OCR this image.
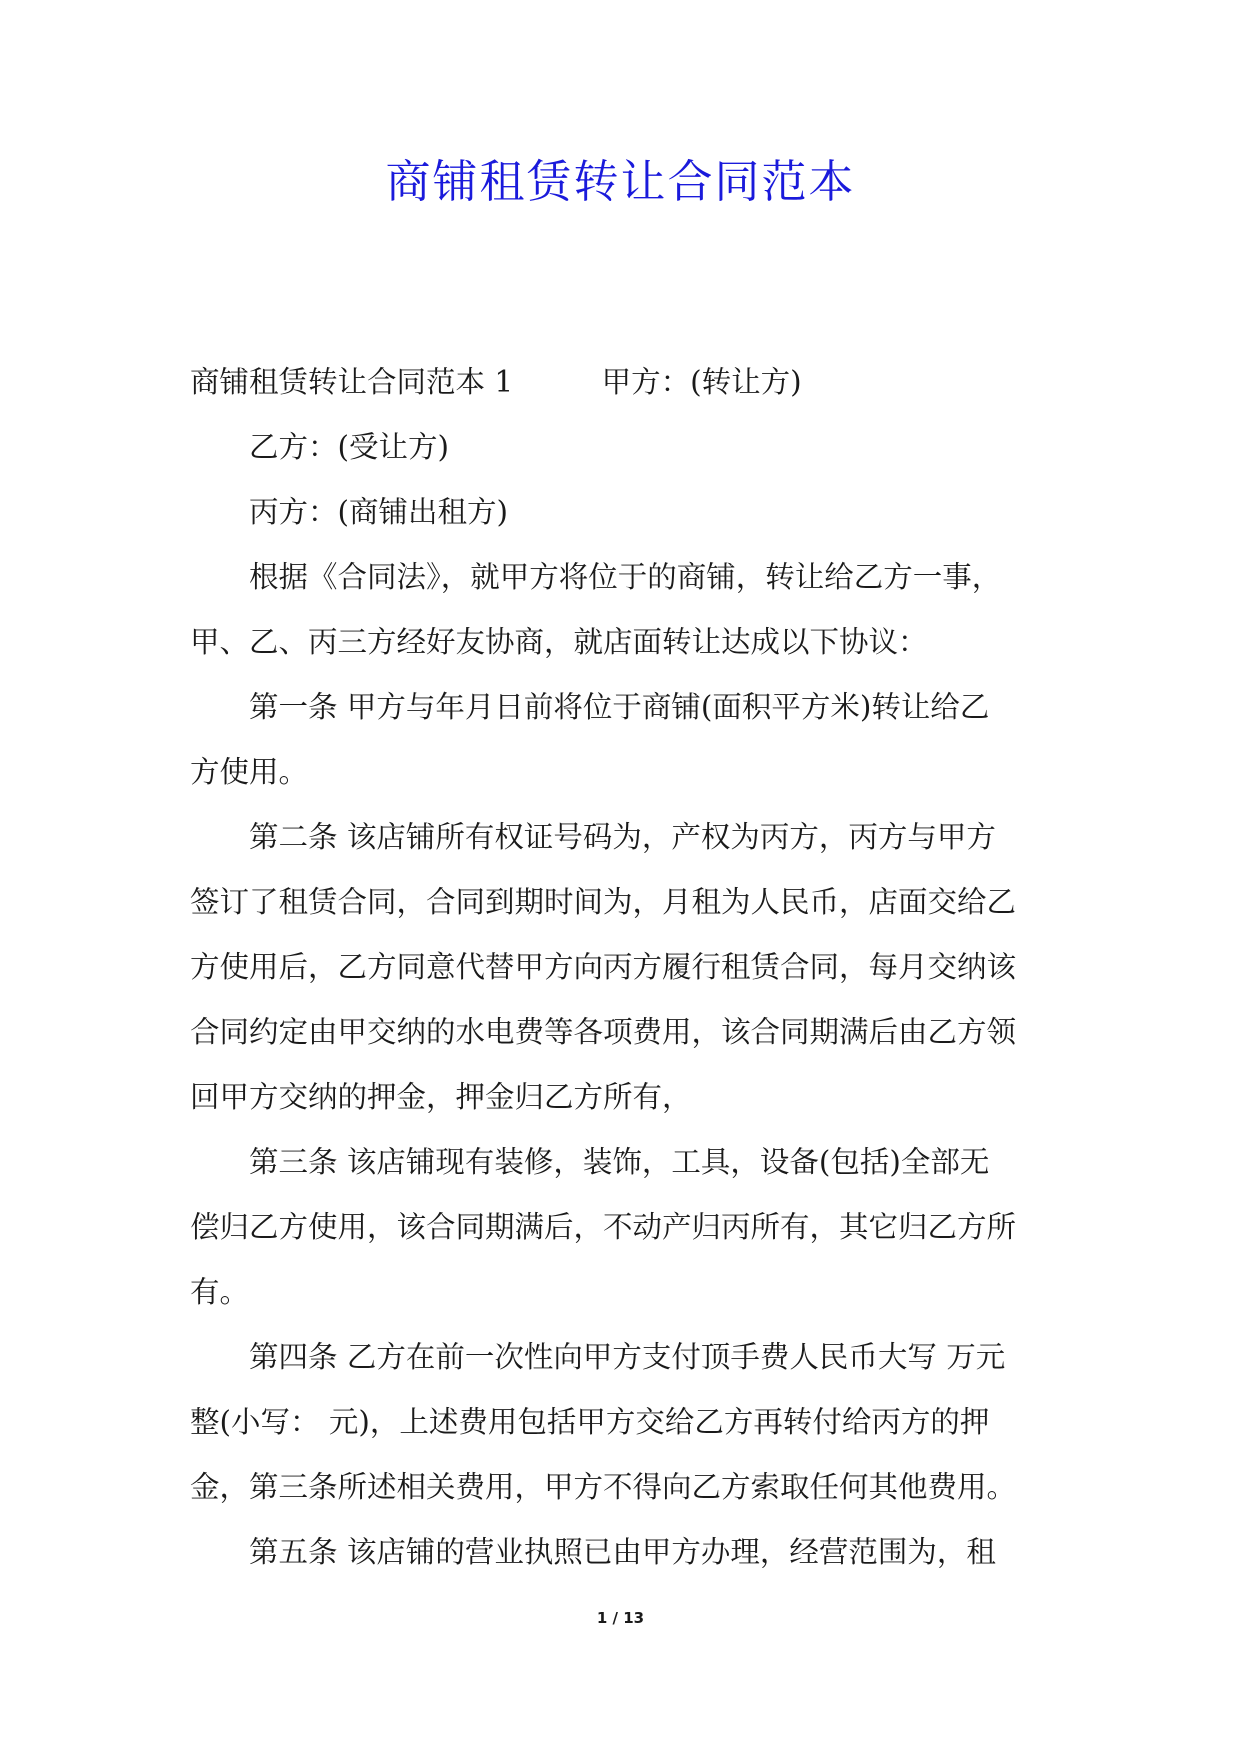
商铺租赁转让合同范本
商铺租赁转让合同范本 1　　　甲方：(转让方)
　　乙方：(受让方)
　　丙方：(商铺出租方)
　　根据《合同法》，就甲方将位于的商铺，转让给乙方一事，
甲、乙、丙三方经好友协商，就店面转让达成以下协议：
　　第一条 甲方与年月日前将位于商铺(面积平方米)转让给乙
方使用。
　　第二条 该店铺所有权证号码为，产权为丙方，丙方与甲方
签订了租赁合同，合同到期时间为，月租为人民币，店面交给乙
方使用后，乙方同意代替甲方向丙方履行租赁合同，每月交纳该
合同约定由甲交纳的水电费等各项费用，该合同期满后由乙方领
回甲方交纳的押金，押金归乙方所有，
　　第三条 该店铺现有装修，装饰，工具，设备(包括)全部无
偿归乙方使用，该合同期满后，不动产归丙所有，其它归乙方所
有。
　　第四条 乙方在前一次性向甲方支付顶手费人民币大写 万元
整(小写： 元)，上述费用包括甲方交给乙方再转付给丙方的押
金，第三条所述相关费用，甲方不得向乙方索取任何其他费用。
　　第五条 该店铺的营业执照已由甲方办理，经营范围为，租
1 / 13
